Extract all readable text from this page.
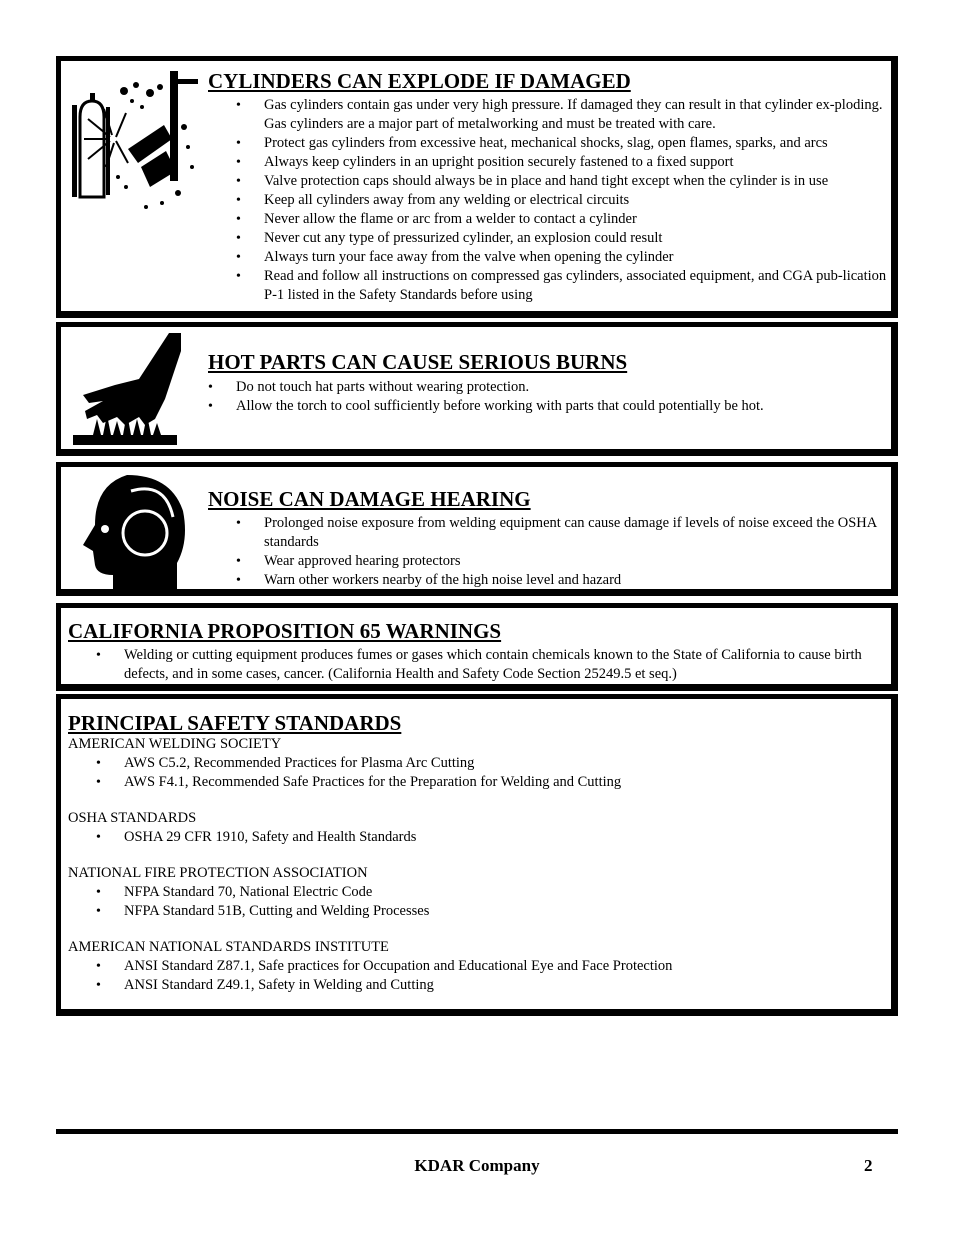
CYLINDERS CAN EXPLODE IF DAMAGED
• Gas cylinders contain gas under very high pressure. If damaged they can result in that cylinder ex-ploding. Gas cylinders are a major part of metalworking and must be treated with care.
• Protect gas cylinders from excessive heat, mechanical shocks, slag, open flames, sparks, and arcs
• Always keep cylinders in an upright position securely fastened to a fixed support
• Valve protection caps should always be in place and hand tight except when the cylinder is in use
• Keep all cylinders away from any welding or electrical circuits
• Never allow the flame or arc from a welder to contact a cylinder
• Never cut any type of pressurized cylinder, an explosion could result
• Always turn your face away from the valve when opening the cylinder
• Read and follow all instructions on compressed gas cylinders, associated equipment, and CGA pub-lication P-1 listed in the Safety Standards before using
HOT PARTS CAN CAUSE SERIOUS BURNS
• Do not touch hat parts without wearing protection.
• Allow the torch to cool sufficiently before working with parts that could potentially be hot.
NOISE CAN DAMAGE HEARING
• Prolonged noise exposure from welding equipment can cause damage if levels of noise exceed the OSHA standards
• Wear approved hearing protectors
• Warn other workers nearby of the high noise level and hazard
CALIFORNIA PROPOSITION 65 WARNINGS
• Welding or cutting equipment produces fumes or gases which contain chemicals known to the State of California to cause birth defects, and in some cases, cancer. (California Health and Safety Code Section 25249.5 et seq.)
PRINCIPAL SAFETY STANDARDS
AMERICAN WELDING SOCIETY
• AWS C5.2, Recommended Practices for Plasma Arc Cutting
• AWS F4.1, Recommended Safe Practices for the Preparation for Welding and Cutting
OSHA STANDARDS
• OSHA 29 CFR 1910, Safety and Health Standards
NATIONAL FIRE PROTECTION ASSOCIATION
• NFPA Standard 70, National Electric Code
• NFPA Standard 51B, Cutting and Welding Processes
AMERICAN NATIONAL STANDARDS INSTITUTE
• ANSI Standard Z87.1, Safe practices for Occupation and Educational Eye and Face Protection
• ANSI Standard Z49.1, Safety in Welding and Cutting
KDAR Company	2
